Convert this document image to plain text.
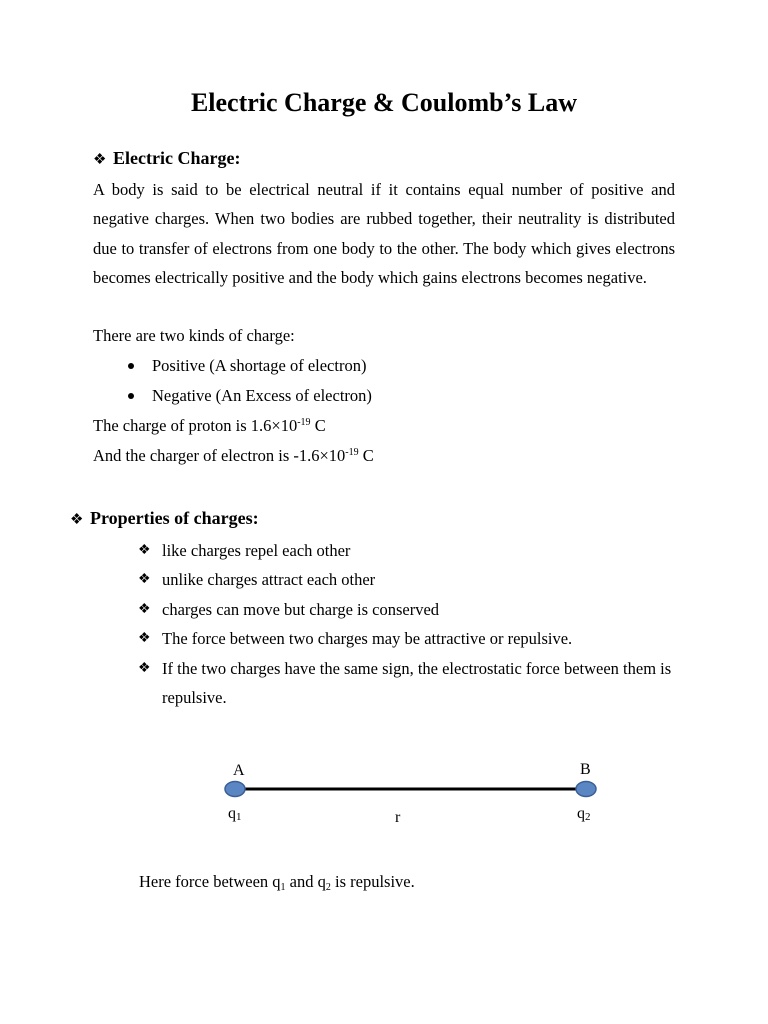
Electric Charge & Coulomb’s Law
❖ Electric Charge:

A body is said to be electrical neutral if it contains equal number of positive and negative charges. When two bodies are rubbed together, their neutrality is distributed due to transfer of electrons from one body to the other. The body which gives electrons becomes electrically positive and the body which gains electrons becomes negative.

There are two kinds of charge:
Positive (A shortage of electron)
Negative (An Excess of electron)
The charge of proton is $1.6\times 10^{-19}$ C
And the charger of electron is $-1.6\times 10^{-19}$ C
❖ Properties of charges:
❖ like charges repel each other
❖ unlike charges attract each other
❖ charges can move but charge is conserved
❖ The force between two charges may be attractive or repulsive.
❖ If the two charges have the same sign, the electrostatic force between them is repulsive.
A	B
q1	r	q2
Here force between $q_1$ and $q_2$ is repulsive.
